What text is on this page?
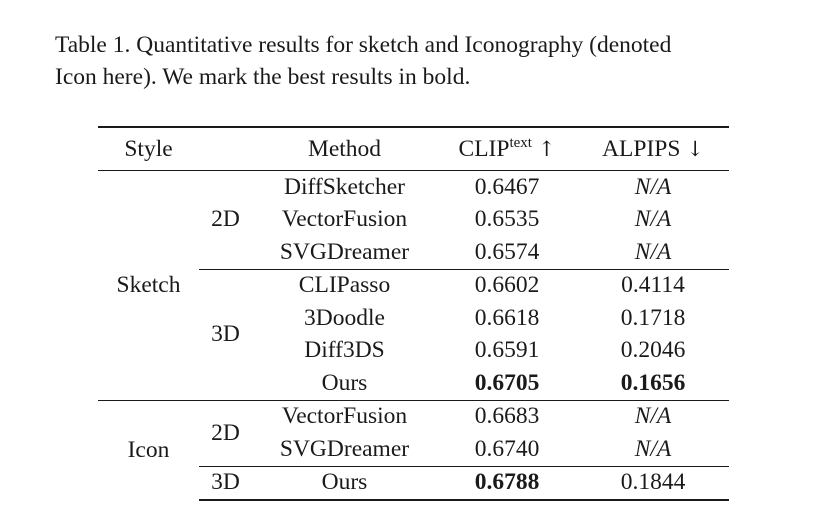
Table 1. Quantitative results for sketch and Iconography (denoted

Icon here). We mark the best results in bold.

Style		Method	$CLIP^{text}$ ↑	ALPIPS ↓
Sketch	2D	DiffSketcher	0.6467	N/A
		VectorFusion	0.6535	N/A
		SVGDreamer	0.6574	N/A
	3D	CLIPasso	0.6602	0.4114
		3Doodle	0.6618	0.1718
		Diff3DS	0.6591	0.2046
		Ours	0.6705	0.1656
Icon	2D	VectorFusion	0.6683	N/A
		SVGDreamer	0.6740	N/A
	3D	Ours	0.6788	0.1844
